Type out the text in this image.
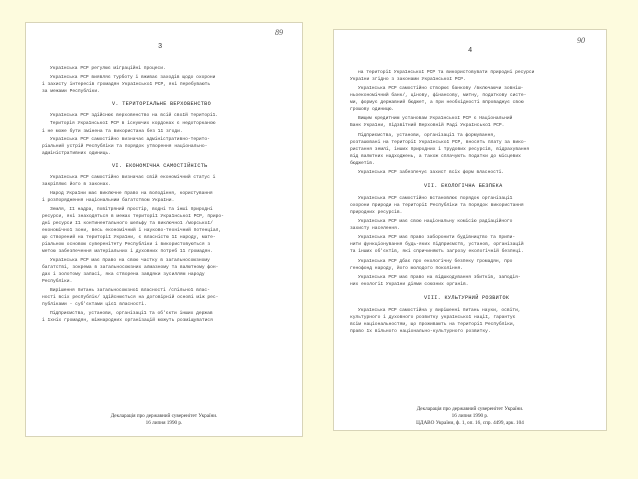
89
3
Українська РСР регулює міграційні процеси.
Українська РСР виявляє турботу і вживає заходів щодо охорони
і захисту інтересів громадян Української РСР, які перебувають
за межами Республіки.
V. ТЕРИТОРІАЛЬНЕ ВЕРХОВЕНСТВО
Українська РСР здійснює верховенство на всій своїй території.
Територія Української РСР в існуючих кордонах є недоторканою
і не може бути змінена та використана без її згоди.
Українська РСР самостійно визначає адміністративно-терито-
ріальний устрій Республіки та порядок утворення національно-
адміністративних одиниць.
VI. ЕКОНОМІЧНА САМОСТІЙНІСТЬ
Українська РСР самостійно визначає свій економічний статус і
закріплює його в законах.
Народ України має виключне право на володіння, користування
і розпорядження національним багатством України.
Земля, її надра, повітряний простір, водні та інші природні
ресурси, які знаходяться в межах території Української РСР, приро-
дні ресурси її континентального шельфу та виключної /морської/
економічної зони, весь економічний і науково-технічний потенціал,
що створений на території України, є власністю її народу, мате-
ріальною основою суверенітету Республіки і використовуються з
метою забезпечення матеріальних і духовних потреб її громадян.
Українська РСР має право на свою частку в загальносоюзному
багатстві, зокрема в загальносоюзних алмазному та валютному фон-
дах і золотому запасі, яка створена завдяки зусиллям народу
Республіки.
Вирішення питань загальносоюзної власності /спільної влас-
ності всіх республік/ здійснюється на договірній основі між рес-
публіками - суб'єктами цієї власності.
Підприємства, установи, організації та об'єкти інших держав
і їхніх громадян, міжнародних організацій можуть розміщуватися
Декларація про державний суверенітет України.
16 липня 1990 р.
90
4
на території Української РСР та використовувати природні ресурси
України згідно з законами Української РСР.
Українська РСР самостійно створює банкову /включаючи зовніш-
ньоекономічний банк/, цінову, фінансову, митну, податкову систе-
ми, формує державний бюджет, а при необхідності впроваджує свою
грошову одиницю.
Вищим кредитним установам Української РСР є Національний
Банк України, підзвітний Верховній Раді Української РСР.
Підприємства, установи, організації та формування,
розташовані на території Української РСР, вносять плату за вико-
ристання землі, інших природних і трудових ресурсів, відрахування
від валютних надходжень, а також сплачують податки до місцевих
бюджетів.
Українська РСР забезпечує захист всіх форм власності.
VII. ЕКОЛОГІЧНА БЕЗПЕКА
Українська РСР самостійно встановлює порядок організації
охорони природи на території Республіки та порядок використання
природних ресурсів.
Українська РСР має свою національну комісію радіаційного
захисту населення.
Українська РСР має право заборонити будівництво та припи-
нити функціонування будь-яких підприємств, установ, організацій
та інших об'єктів, які спричиняють загрозу екологічній безпеці.
Українська РСР дбає про екологічну безпеку громадян, про
генофонд народу, його молодого покоління.
Українська РСР має право на відшкодування збитків, заподія-
них екології України діями союзних органів.
VIII. КУЛЬТУРНИЙ РОЗВИТОК
Українська РСР самостійна у вирішенні питань науки, освіти,
культурного і духовного розвитку української нації, гарантує
всім національностям, що проживають на території Республіки,
право їх вільного національно-культурного розвитку.
Декларація про державний суверенітет України.
16 липня 1990 р.
ЦДАВО України, ф. 1, оп. 16, спр. 4499, арк. 104
